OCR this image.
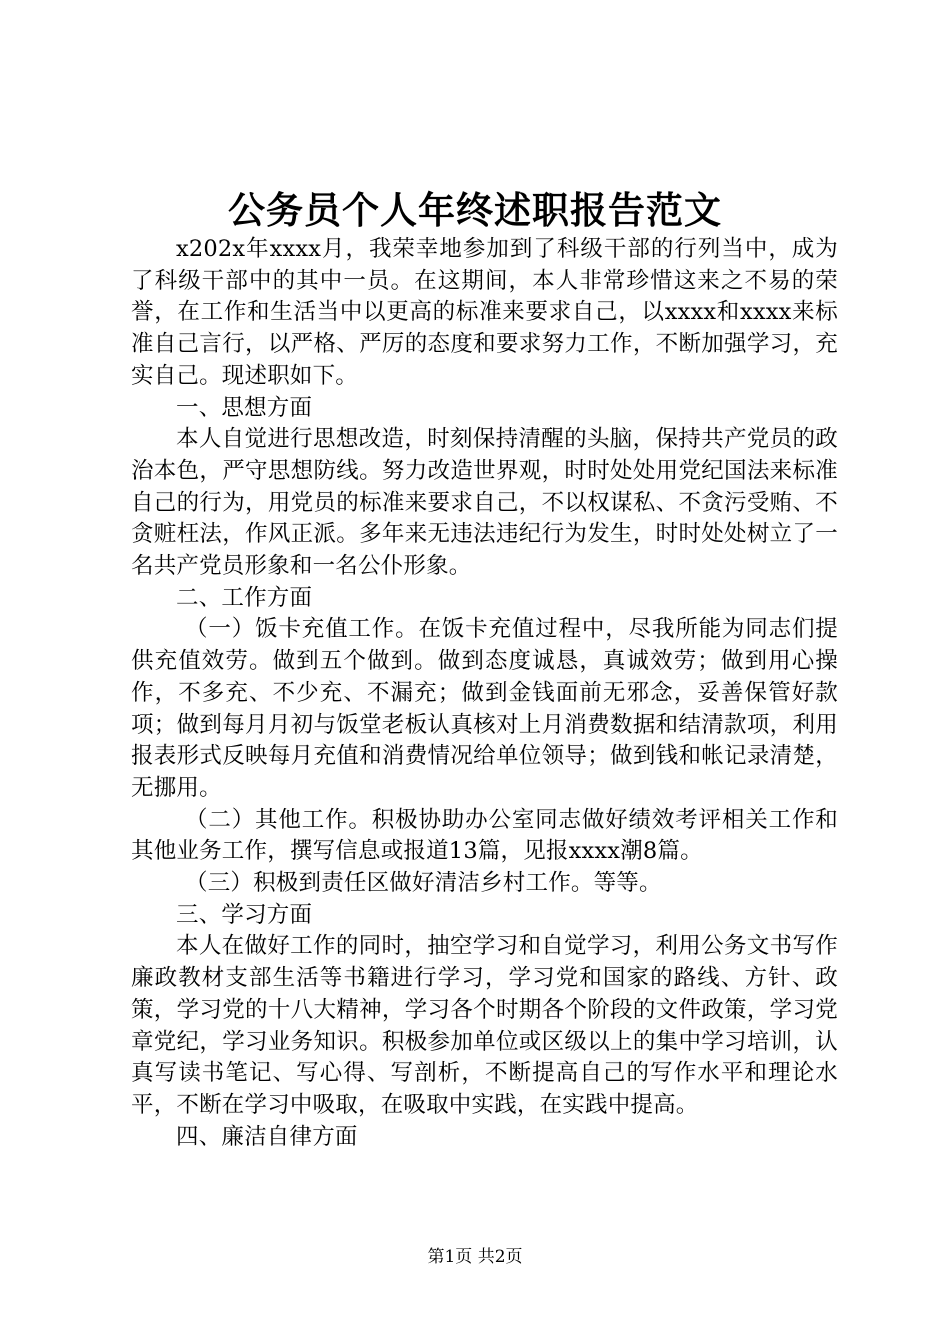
公务员个人年终述职报告范文

x202x年xxxx月，我荣幸地参加到了科级干部的行列当中，成为了科级干部中的其中一员。在这期间，本人非常珍惜这来之不易的荣誉，在工作和生活当中以更高的标准来要求自己，以xxxx和xxxx来标准自己言行，以严格、严厉的态度和要求努力工作，不断加强学习，充实自己。现述职如下。

一、思想方面

本人自觉进行思想改造，时刻保持清醒的头脑，保持共产党员的政治本色，严守思想防线。努力改造世界观，时时处处用党纪国法来标准自己的行为，用党员的标准来要求自己，不以权谋私、不贪污受贿、不贪赃枉法，作风正派。多年来无违法违纪行为发生，时时处处树立了一名共产党员形象和一名公仆形象。

二、工作方面

（一）饭卡充值工作。在饭卡充值过程中，尽我所能为同志们提供充值效劳。做到五个做到。做到态度诚恳，真诚效劳；做到用心操作，不多充、不少充、不漏充；做到金钱面前无邪念，妥善保管好款项；做到每月月初与饭堂老板认真核对上月消费数据和结清款项，利用报表形式反映每月充值和消费情况给单位领导；做到钱和帐记录清楚，无挪用。

（二）其他工作。积极协助办公室同志做好绩效考评相关工作和其他业务工作，撰写信息或报道13篇，见报xxxx潮8篇。

（三）积极到责任区做好清洁乡村工作。等等。

三、学习方面

本人在做好工作的同时，抽空学习和自觉学习，利用公务文书写作廉政教材支部生活等书籍进行学习，学习党和国家的路线、方针、政策，学习党的十八大精神，学习各个时期各个阶段的文件政策，学习党章党纪，学习业务知识。积极参加单位或区级以上的集中学习培训，认真写读书笔记、写心得、写剖析，不断提高自己的写作水平和理论水平，不断在学习中吸取，在吸取中实践，在实践中提高。

四、廉洁自律方面

第1页 共2页
